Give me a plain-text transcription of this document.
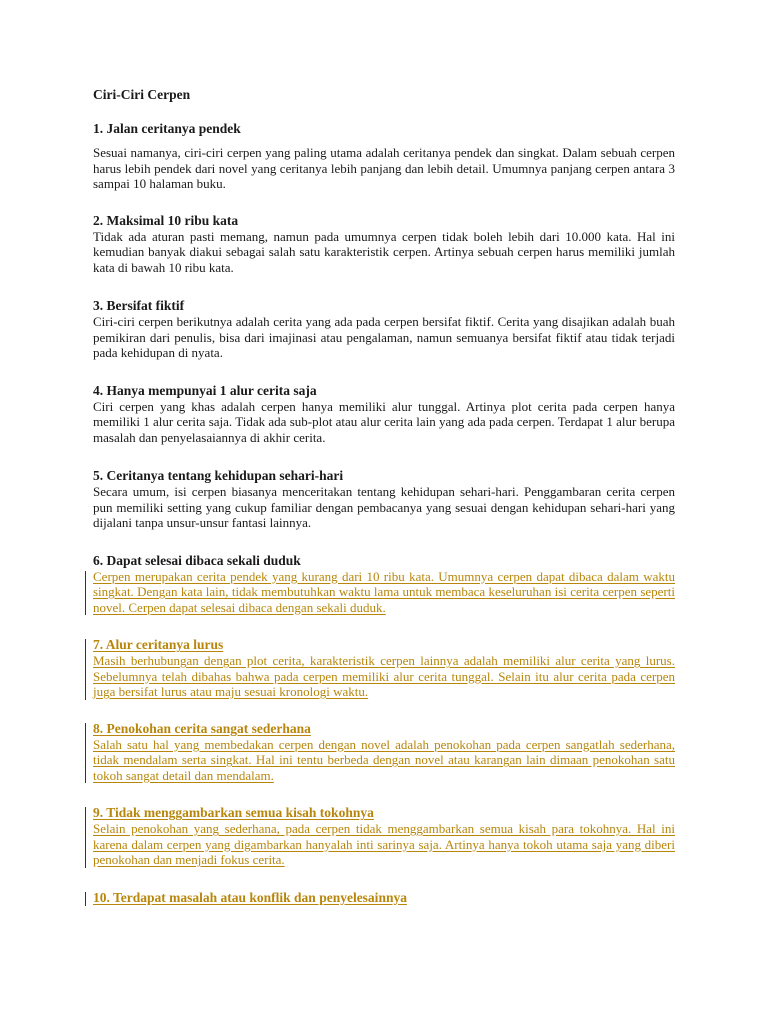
Ciri-Ciri Cerpen
1. Jalan ceritanya pendek
Sesuai namanya, ciri-ciri cerpen yang paling utama adalah ceritanya pendek dan singkat. Dalam sebuah cerpen harus lebih pendek dari novel yang ceritanya lebih panjang dan lebih detail. Umumnya panjang cerpen antara 3 sampai 10 halaman buku.
2. Maksimal 10 ribu kata
Tidak ada aturan pasti memang, namun pada umumnya cerpen tidak boleh lebih dari 10.000 kata. Hal ini kemudian banyak diakui sebagai salah satu karakteristik cerpen. Artinya sebuah cerpen harus memiliki jumlah kata di bawah 10 ribu kata.
3. Bersifat fiktif
Ciri-ciri cerpen berikutnya adalah cerita yang ada pada cerpen bersifat fiktif. Cerita yang disajikan adalah buah pemikiran dari penulis, bisa dari imajinasi atau pengalaman, namun semuanya bersifat fiktif atau tidak terjadi pada kehidupan di nyata.
4. Hanya mempunyai 1 alur cerita saja
Ciri cerpen yang khas adalah cerpen hanya memiliki alur tunggal. Artinya plot cerita pada cerpen hanya memiliki 1 alur cerita saja. Tidak ada sub-plot atau alur cerita lain yang ada pada cerpen. Terdapat 1 alur berupa masalah dan penyelasaiannya di akhir cerita.
5. Ceritanya tentang kehidupan sehari-hari
Secara umum, isi cerpen biasanya menceritakan tentang kehidupan sehari-hari. Penggambaran cerita cerpen pun memiliki setting yang cukup familiar dengan pembacanya yang sesuai dengan kehidupan sehari-hari yang dijalani tanpa unsur-unsur fantasi lainnya.
6. Dapat selesai dibaca sekali duduk
Cerpen merupakan cerita pendek yang kurang dari 10 ribu kata. Umumnya cerpen dapat dibaca dalam waktu singkat. Dengan kata lain, tidak membutuhkan waktu lama untuk membaca keseluruhan isi cerita cerpen seperti novel. Cerpen dapat selesai dibaca dengan sekali duduk.
7. Alur ceritanya lurus
Masih berhubungan dengan plot cerita, karakteristik cerpen lainnya adalah memiliki alur cerita yang lurus. Sebelumnya telah dibahas bahwa pada cerpen memiliki alur cerita tunggal. Selain itu alur cerita pada cerpen juga bersifat lurus atau maju sesuai kronologi waktu.
8. Penokohan cerita sangat sederhana
Salah satu hal yang membedakan cerpen dengan novel adalah penokohan pada cerpen sangatlah sederhana, tidak mendalam serta singkat. Hal ini tentu berbeda dengan novel atau karangan lain dimaan penokohan satu tokoh sangat detail dan mendalam.
9. Tidak menggambarkan semua kisah tokohnya
Selain penokohan yang sederhana, pada cerpen tidak menggambarkan semua kisah para tokohnya. Hal ini karena dalam cerpen yang digambarkan hanyalah inti sarinya saja. Artinya hanya tokoh utama saja yang diberi penokohan dan menjadi fokus cerita.
10. Terdapat masalah atau konflik dan penyelesainnya
